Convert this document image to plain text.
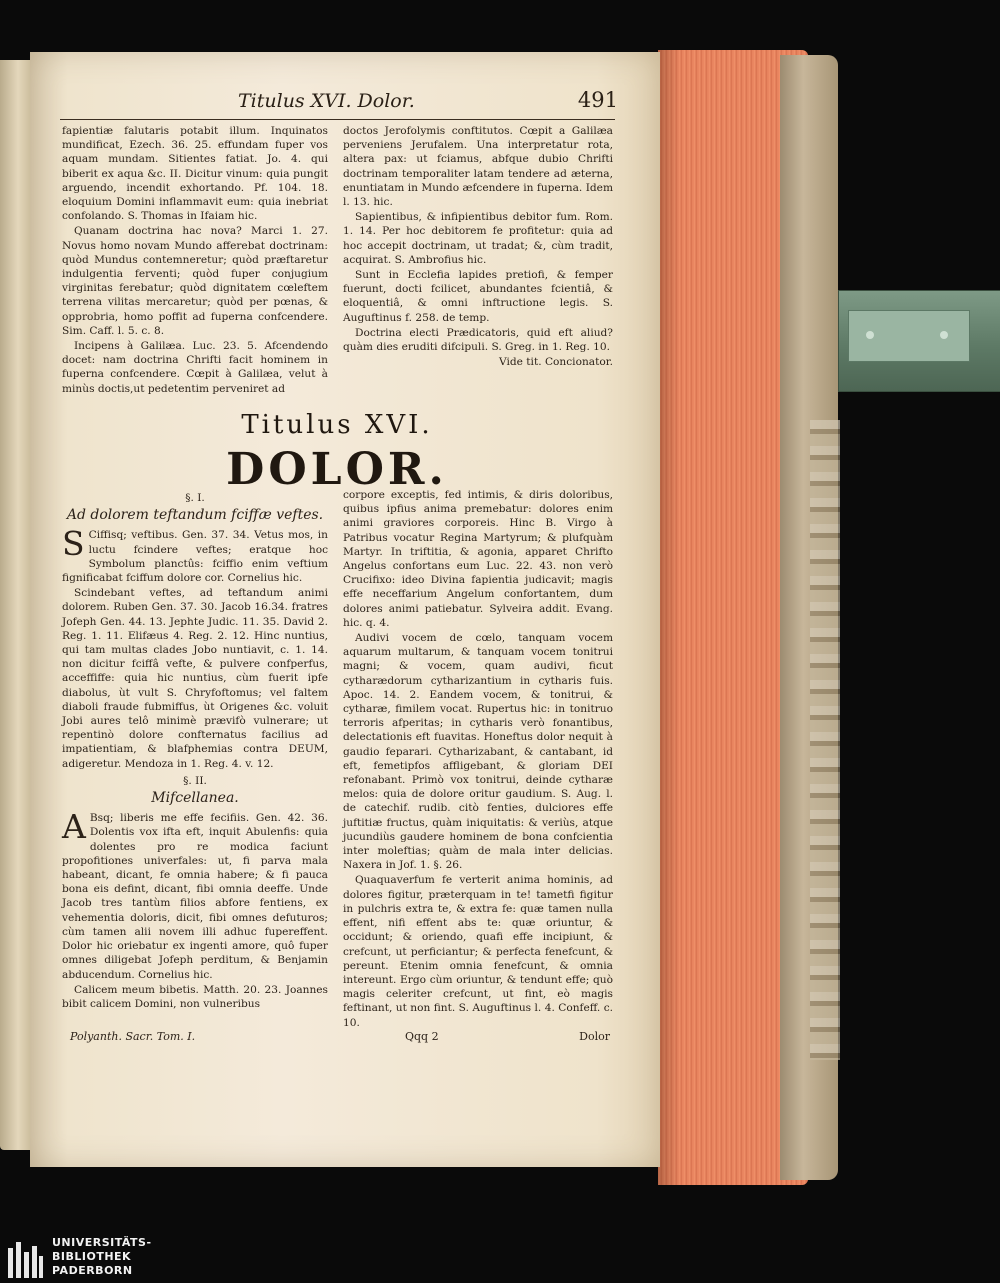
Titulus XVI. Dolor.	491

fapientiæ falutaris potabit illum. Inquinatos mundificat, Ezech. 36. 25. effundam fuper vos aquam mundam. Sitientes fatiat. Jo. 4. qui biberit ex aqua &c. II. Dicitur vinum: quia pungit arguendo, incendit exhortando. Pf. 104. 18. eloquium Domini inflammavit eum: quia inebriat confolando. S. Thomas in Ifaiam hic.

Quanam doctrina hac nova? Marci 1. 27. Novus homo novam Mundo afferebat doctrinam: quòd Mundus contemneretur; quòd præftaretur indulgentia ferventi; quòd fuper conjugium virginitas ferebatur; quòd dignitatem cœleftem terrena vilitas mercaretur; quòd per pœnas, & opprobria, homo poffit ad fuperna confcendere. Sim. Caff. l. 5. c. 8.

Incipens à Galilæa. Luc. 23. 5. Afcendendo docet: nam doctrina Chrifti facit hominem in fuperna confcendere. Cœpit à Galilæa, velut à minùs doctis,ut pedetentim perveniret ad

doctos Jerofolymis conftitutos. Cœpit a Galilæa perveniens Jerufalem. Una interpretatur rota, altera pax: ut fciamus, abfque dubio Chrifti doctrinam temporaliter latam tendere ad æterna, enuntiatam in Mundo æfcendere in fuperna. Idem l. 13. hic.

Sapientibus, & infipientibus debitor fum. Rom. 1. 14. Per hoc debitorem fe profitetur: quia ad hoc accepit doctrinam, ut tradat; &, cùm tradit, acquirat. S. Ambrofius hic.

Sunt in Ecclefia lapides pretiofi, & femper fuerunt, docti fcilicet, abundantes fcientiâ, & eloquentiâ, & omni inftructione legis. S. Auguftinus f. 258. de temp.

Doctrina electi Prædicatoris, quid eft aliud? quàm dies eruditi difcipuli. S. Greg. in 1. Reg. 10.

Vide tit. Concionator.

Titulus XVI.
DOLOR.

§. I.

Ad dolorem teftandum fciffæ veftes.

S Ciffisq; veftibus. Gen. 37. 34. Vetus mos, in luctu fcindere veftes; eratque hoc Symbolum planctûs: fciffio enim veftium fignificabat fciffum dolore cor. Cornelius hic.

Scindebant veftes, ad teftandum animi dolorem. Ruben Gen. 37. 30. Jacob 16.34. fratres Jofeph Gen. 44. 13. Jephte Judic. 11. 35. David 2. Reg. 1. 11. Elifæus 4. Reg. 2. 12. Hinc nuntius, qui tam multas clades Jobo nuntiavit, c. 1. 14. non dicitur fciffâ vefte, & pulvere confperfus, acceffiffe: quia hic nuntius, cùm fuerit ipfe diabolus, ùt vult S. Chryfoftomus; vel faltem diaboli fraude fubmiffus, ùt Origenes &c. voluit Jobi aures telô minimè prævifò vulnerare; ut repentinò dolore confternatus facilius ad impatientiam, & blafphemias contra DEUM, adigeretur. Mendoza in 1. Reg. 4. v. 12.

§. II.

Mifcellanea.

A Bsq; liberis me effe fecifiis. Gen. 42. 36. Dolentis vox ifta eft, inquit Abulenfis: quia dolentes pro re modica faciunt propofitiones univerfales: ut, fi parva mala habeant, dicant, fe omnia habere; & fi pauca bona eis defint, dicant, fibi omnia deeffe. Unde Jacob tres tantùm filios abfore fentiens, ex vehementia doloris, dicit, fibi omnes defuturos; cùm tamen alii novem illi adhuc fupereffent. Dolor hic oriebatur ex ingenti amore, quô fuper omnes diligebat Jofeph perditum, & Benjamin abducendum. Cornelius hic.

Calicem meum bibetis. Matth. 20. 23. Joannes bibit calicem Domini, non vulneribus

corpore exceptis, fed intimis, & diris doloribus, quibus ipfius anima premebatur: dolores enim animi graviores corporeis. Hinc B. Virgo à Patribus vocatur Regina Martyrum; & plufquàm Martyr. In triftitia, & agonia, apparet Chrifto Angelus confortans eum Luc. 22. 43. non verò Crucifixo: ideo Divina fapientia judicavit; magis effe neceffarium Angelum confortantem, dum dolores animi patiebatur. Sylveira addit. Evang. hic. q. 4.

Audivi vocem de cœlo, tanquam vocem aquarum multarum, & tanquam vocem tonitrui magni; & vocem, quam audivi, ficut cytharædorum cytharizantium in cytharis fuis. Apoc. 14. 2. Eandem vocem, & tonitrui, & cytharæ, fimilem vocat. Rupertus hic: in tonitruo terroris afperitas; in cytharis verò fonantibus, delectationis eft fuavitas. Honeftus dolor nequit à gaudio feparari. Cytharizabant, & cantabant, id eft, femetipfos affligebant, & gloriam DEI refonabant. Primò vox tonitrui, deinde cytharæ melos: quia de dolore oritur gaudium. S. Aug. l. de catechif. rudib. citò fenties, dulciores effe juftitiæ fructus, quàm iniquitatis: & veriùs, atque jucundiùs gaudere hominem de bona confcientia inter moleftias; quàm de mala inter delicias. Naxera in Jof. 1. §. 26.

Quaquaverfum fe verterit anima hominis, ad dolores figitur, præterquam in te! tametfi figitur in pulchris extra te, & extra fe: quæ tamen nulla effent, nifi effent abs te: quæ oriuntur, & occidunt; & oriendo, quafi effe incipiunt, & crefcunt, ut perficiantur; & perfecta fenefcunt, & pereunt. Etenim omnia fenefcunt, & omnia intereunt. Ergo cùm oriuntur, & tendunt effe; quò magis celeriter crefcunt, ut fint, eò magis feftinant, ut non fint. S. Auguftinus l. 4. Confeff. c. 10.

Polyanth. Sacr. Tom. I.	Qqq 2	Dolor
UNIVERSITÄTS-
BIBLIOTHEK
PADERBORN
